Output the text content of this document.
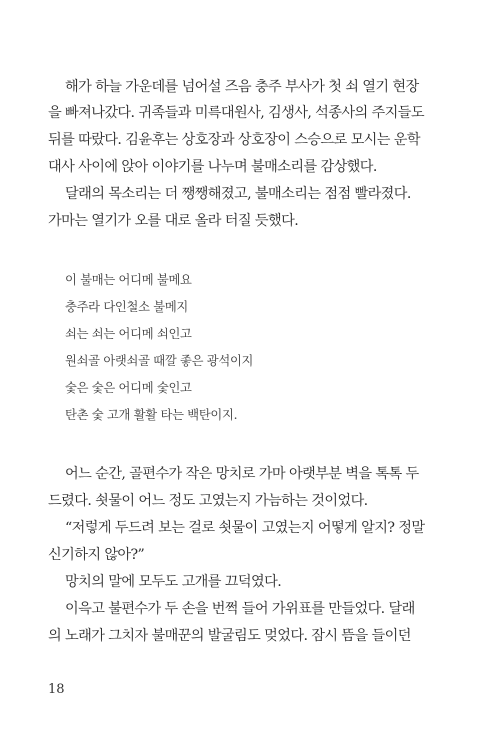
해가 하늘 가운데를 넘어설 즈음 충주 부사가 첫 쇠 열기 현장
을 빠져나갔다. 귀족들과 미륵대원사, 김생사, 석종사의 주지들도
뒤를 따랐다. 김윤후는 상호장과 상호장이 스승으로 모시는 운학
대사 사이에 앉아 이야기를 나누며 불매소리를 감상했다.
달래의 목소리는 더 쨍쨍해졌고, 불매소리는 점점 빨라졌다.
가마는 열기가 오를 대로 올라 터질 듯했다.
이 불매는 어디메 불메요
충주라 다인철소 불메지
쇠는 쇠는 어디메 쇠인고
원쇠골 아랫쇠골 때깔 좋은 광석이지
숯은 숯은 어디메 숯인고
탄촌 숯 고개 활활 타는 백탄이지.
어느 순간, 골편수가 작은 망치로 가마 아랫부분 벽을 톡톡 두
드렸다. 쇳물이 어느 정도 고였는지 가늠하는 것이었다.
“저렇게 두드려 보는 걸로 쇳물이 고였는지 어떻게 알지? 정말
신기하지 않아?”
망치의 말에 모두도 고개를 끄덕였다.
이윽고 불편수가 두 손을 번쩍 들어 가위표를 만들었다. 달래
의 노래가 그치자 불매꾼의 발굴림도 멎었다. 잠시 뜸을 들이던
18
